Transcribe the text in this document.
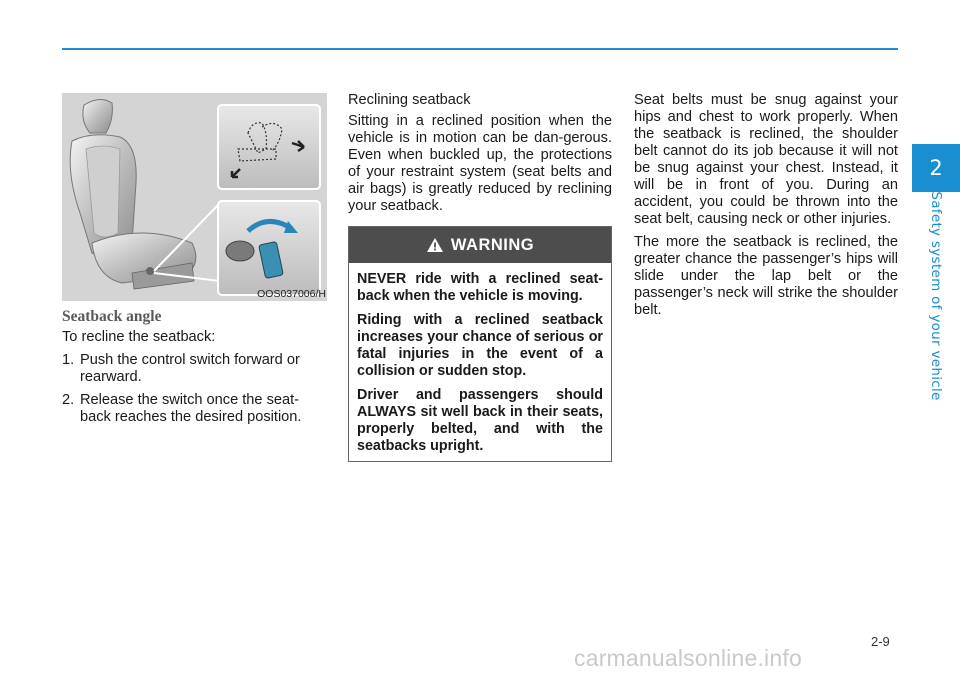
2
Safety system of your vehicle
OOS037006/H
Seatback angle

To recline the seatback:

1. Push the control switch forward or rearward.
2. Release the switch once the seat-back reaches the desired position.
Reclining seatback

Sitting in a reclined position when the vehicle is in motion can be dan-gerous. Even when buckled up, the protections of your restraint system (seat belts and air bags) is greatly reduced by reclining your seatback.

WARNING

NEVER ride with a reclined seat-back when the vehicle is moving.

Riding with a reclined seatback increases your chance of serious or fatal injuries in the event of a collision or sudden stop.

Driver and passengers should ALWAYS sit well back in their seats, properly belted, and with the seatbacks upright.

Seat belts must be snug against your hips and chest to work properly. When the seatback is reclined, the shoulder belt cannot do its job because it will not be snug against your chest. Instead, it will be in front of you. During an accident, you could be thrown into the seat belt, causing neck or other injuries.

The more the seatback is reclined, the greater chance the passenger’s hips will slide under the lap belt or the passenger’s neck will strike the shoulder belt.

2-9
carmanualsonline.info
